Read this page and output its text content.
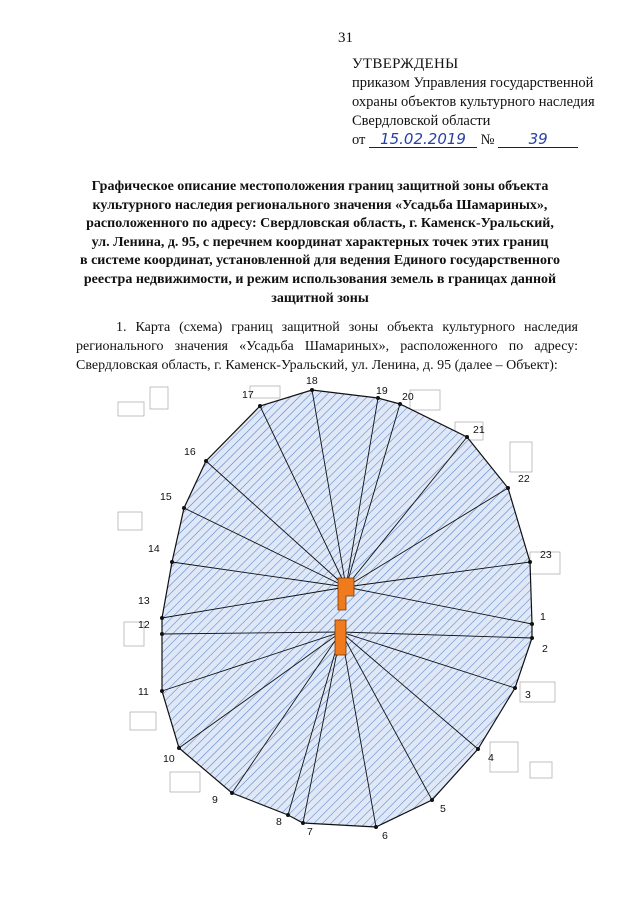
31
УТВЕРЖДЕНЫ
приказом Управления государственной
охраны объектов культурного наследия
Свердловской области
от 15.02.2019 № 39
Графическое описание местоположения границ защитной зоны объекта
культурного наследия регионального значения «Усадьба Шамариных»,
расположенного по адресу: Свердловская область, г. Каменск-Уральский,
ул. Ленина, д. 95, с перечнем координат характерных точек этих границ
в системе координат, установленной для ведения Единого государственного
реестра недвижимости, и режим использования земель в границах данной
защитной зоны
1. Карта (схема) границ защитной зоны объекта культурного наследия регионального значения «Усадьба Шамариных», расположенного по адресу: Свердловская область, г. Каменск-Уральский, ул. Ленина, д. 95 (далее – Объект):
1
2
3
4
5
6
7
8
9
10
11
12
13
14
15
16
17
18
19 20
21
22
23
